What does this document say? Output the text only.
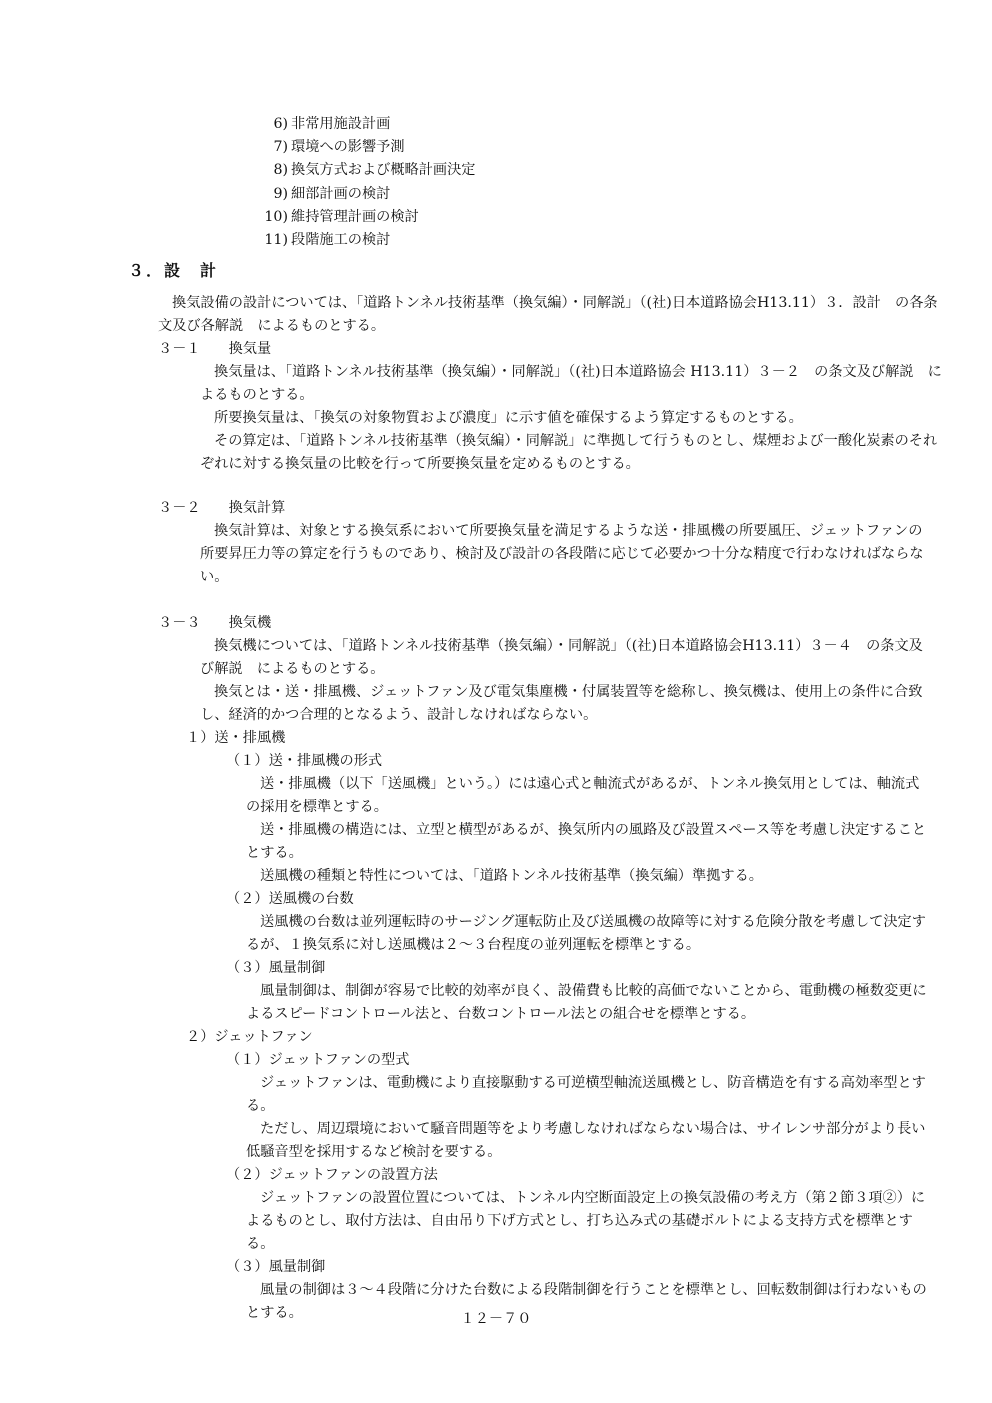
6) 非常用施設計画
7) 環境への影響予測
8) 換気方式および概略計画決定
9) 細部計画の検討
10) 維持管理計画の検討
11) 段階施工の検討
３．設 計

換気設備の設計については、「道路トンネル技術基準（換気編）・同解説」（(社)日本道路協会H13.11）３．設計　の各条文及び各解説　によるものとする。

３－１ 換気量

換気量は、「道路トンネル技術基準（換気編）・同解説」（(社)日本道路協会 H13.11）３－２　の条文及び解説　によるものとする。

所要換気量は、「換気の対象物質および濃度」に示す値を確保するよう算定するものとする。

その算定は、「道路トンネル技術基準（換気編）・同解説」に準拠して行うものとし、煤煙および一酸化炭素のそれぞれに対する換気量の比較を行って所要換気量を定めるものとする。

３－２ 換気計算

換気計算は、対象とする換気系において所要換気量を満足するような送・排風機の所要風圧、ジェットファンの所要昇圧力等の算定を行うものであり、検討及び設計の各段階に応じて必要かつ十分な精度で行わなければならない。

３－３ 換気機

換気機については、「道路トンネル技術基準（換気編）・同解説」（(社)日本道路協会H13.11）３－４　の条文及び解説　によるものとする。

換気とは・送・排風機、ジェットファン及び電気集塵機・付属装置等を総称し、換気機は、使用上の条件に合致し、経済的かつ合理的となるよう、設計しなければならない。

１）送・排風機
（１）送・排風機の形式

送・排風機（以下「送風機」という。）には遠心式と軸流式があるが、トンネル換気用としては、軸流式の採用を標準とする。

送・排風機の構造には、立型と横型があるが、換気所内の風路及び設置スペース等を考慮し決定することとする。

送風機の種類と特性については、「道路トンネル技術基準（換気編）準拠する。

（２）送風機の台数

送風機の台数は並列運転時のサージング運転防止及び送風機の故障等に対する危険分散を考慮して決定するが、１換気系に対し送風機は２～３台程度の並列運転を標準とする。

（３）風量制御

風量制御は、制御が容易で比較的効率が良く、設備費も比較的高価でないことから、電動機の極数変更によるスピードコントロール法と、台数コントロール法との組合せを標準とする。

２）ジェットファン
（１）ジェットファンの型式

ジェットファンは、電動機により直接駆動する可逆横型軸流送風機とし、防音構造を有する高効率型とする。

ただし、周辺環境において騒音問題等をより考慮しなければならない場合は、サイレンサ部分がより長い低騒音型を採用するなど検討を要する。

（２）ジェットファンの設置方法

ジェットファンの設置位置については、トンネル内空断面設定上の換気設備の考え方（第２節３項②）によるものとし、取付方法は、自由吊り下げ方式とし、打ち込み式の基礎ボルトによる支持方式を標準とする。

（３）風量制御

風量の制御は３～４段階に分けた台数による段階制御を行うことを標準とし、回転数制御は行わないものとする。	１２－７０
